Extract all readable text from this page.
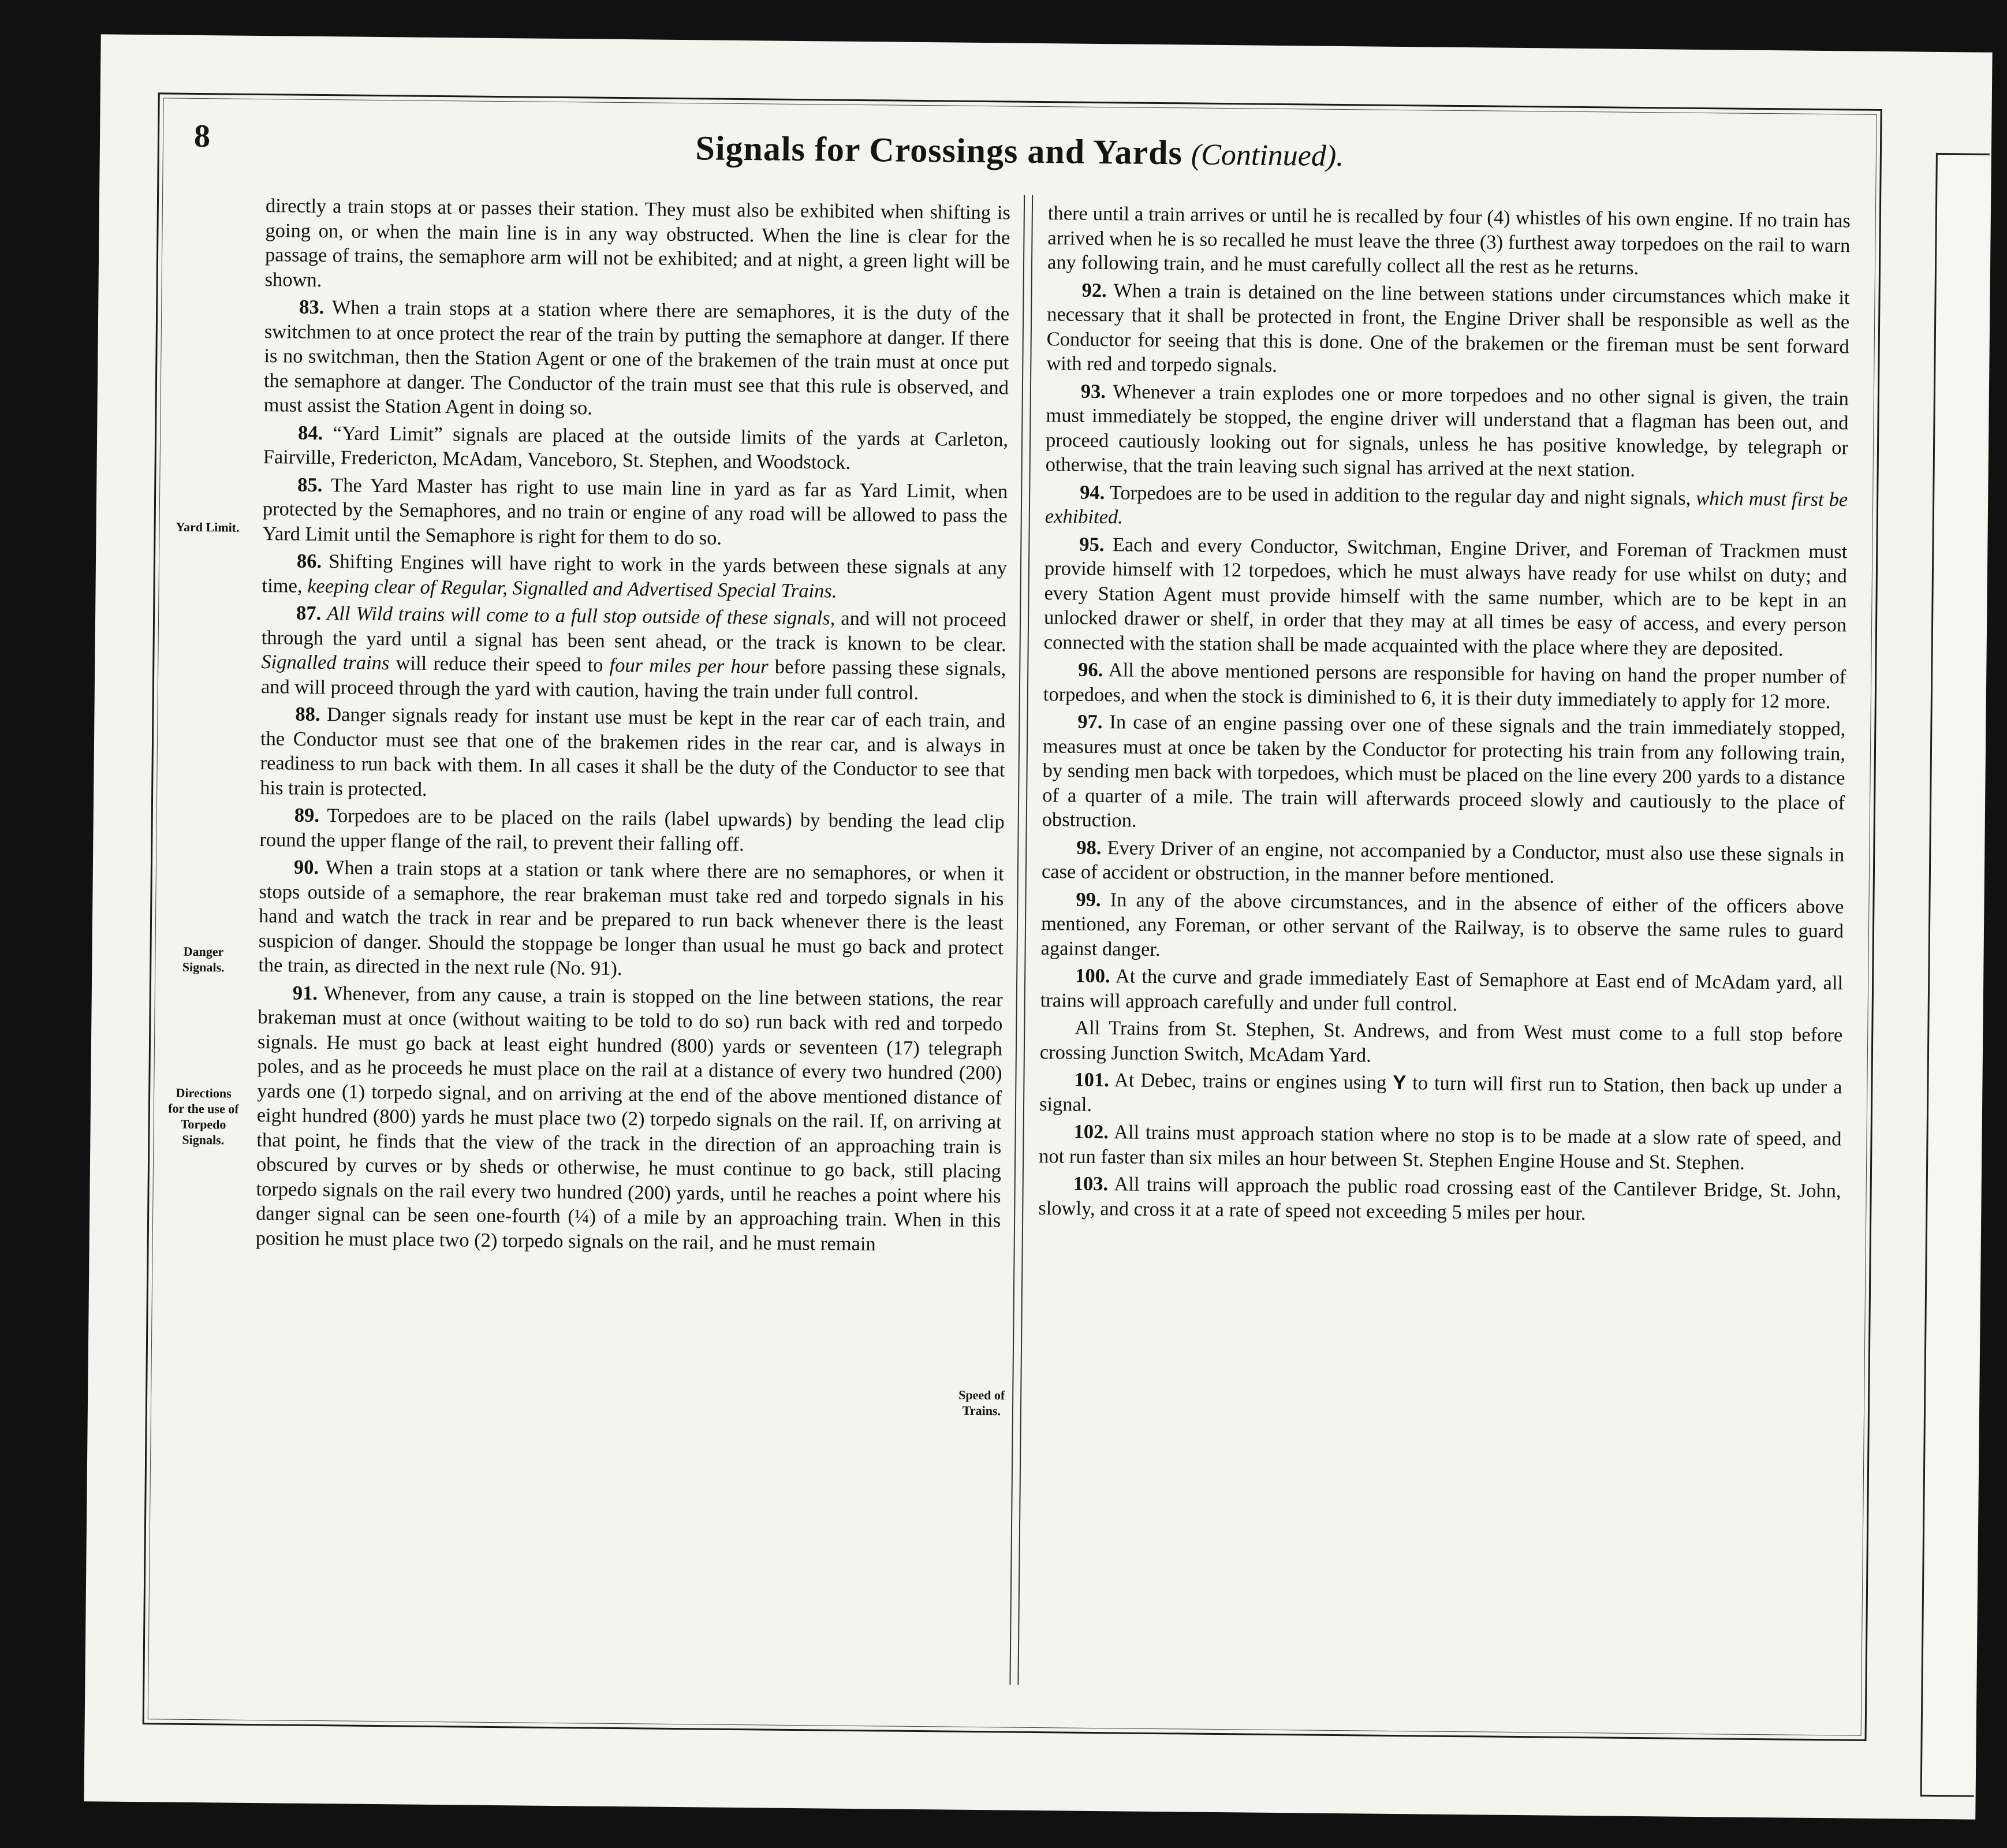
8	Signals for Crossings and Yards (Continued).
Yard Limit.
Danger Signals.
Directions for the use of Torpedo Signals.
Speed of Trains.

directly a train stops at or passes their station. They must also be exhibited when shifting is going on, or when the main line is in any way obstructed. When the line is clear for the passage of trains, the semaphore arm will not be exhibited; and at night, a green light will be shown.

83. When a train stops at a station where there are semaphores, it is the duty of the switchmen to at once protect the rear of the train by putting the semaphore at danger. If there is no switchman, then the Station Agent or one of the brakemen of the train must at once put the semaphore at danger. The Conductor of the train must see that this rule is observed, and must assist the Station Agent in doing so.

84. “Yard Limit” signals are placed at the outside limits of the yards at Carleton, Fairville, Fredericton, McAdam, Vanceboro, St. Stephen, and Woodstock.

85. The Yard Master has right to use main line in yard as far as Yard Limit, when protected by the Semaphores, and no train or engine of any road will be allowed to pass the Yard Limit until the Semaphore is right for them to do so.

86. Shifting Engines will have right to work in the yards between these signals at any time, keeping clear of Regular, Signalled and Advertised Special Trains.

87. All Wild trains will come to a full stop outside of these signals, and will not proceed through the yard until a signal has been sent ahead, or the track is known to be clear. Signalled trains will reduce their speed to four miles per hour before passing these signals, and will proceed through the yard with caution, having the train under full control.

88. Danger signals ready for instant use must be kept in the rear car of each train, and the Conductor must see that one of the brakemen rides in the rear car, and is always in readiness to run back with them. In all cases it shall be the duty of the Conductor to see that his train is protected.

89. Torpedoes are to be placed on the rails (label upwards) by bending the lead clip round the upper flange of the rail, to prevent their falling off.

90. When a train stops at a station or tank where there are no semaphores, or when it stops outside of a semaphore, the rear brakeman must take red and torpedo signals in his hand and watch the track in rear and be prepared to run back whenever there is the least suspicion of danger. Should the stoppage be longer than usual he must go back and protect the train, as directed in the next rule (No. 91).

91. Whenever, from any cause, a train is stopped on the line between stations, the rear brakeman must at once (without waiting to be told to do so) run back with red and torpedo signals. He must go back at least eight hundred (800) yards or seventeen (17) telegraph poles, and as he proceeds he must place on the rail at a distance of every two hundred (200) yards one (1) torpedo signal, and on arriving at the end of the above mentioned distance of eight hundred (800) yards he must place two (2) torpedo signals on the rail. If, on arriving at that point, he finds that the view of the track in the direction of an approaching train is obscured by curves or by sheds or otherwise, he must continue to go back, still placing torpedo signals on the rail every two hundred (200) yards, until he reaches a point where his danger signal can be seen one-fourth (¼) of a mile by an approaching train. When in this position he must place two (2) torpedo signals on the rail, and he must remain

there until a train arrives or until he is recalled by four (4) whistles of his own engine. If no train has arrived when he is so recalled he must leave the three (3) furthest away torpedoes on the rail to warn any following train, and he must carefully collect all the rest as he returns.

92. When a train is detained on the line between stations under circumstances which make it necessary that it shall be protected in front, the Engine Driver shall be responsible as well as the Conductor for seeing that this is done. One of the brakemen or the fireman must be sent forward with red and torpedo signals.

93. Whenever a train explodes one or more torpedoes and no other signal is given, the train must immediately be stopped, the engine driver will understand that a flagman has been out, and proceed cautiously looking out for signals, unless he has positive knowledge, by telegraph or otherwise, that the train leaving such signal has arrived at the next station.

94. Torpedoes are to be used in addition to the regular day and night signals, which must first be exhibited.

95. Each and every Conductor, Switchman, Engine Driver, and Foreman of Trackmen must provide himself with 12 torpedoes, which he must always have ready for use whilst on duty; and every Station Agent must provide himself with the same number, which are to be kept in an unlocked drawer or shelf, in order that they may at all times be easy of access, and every person connected with the station shall be made acquainted with the place where they are deposited.

96. All the above mentioned persons are responsible for having on hand the proper number of torpedoes, and when the stock is diminished to 6, it is their duty immediately to apply for 12 more.

97. In case of an engine passing over one of these signals and the train immediately stopped, measures must at once be taken by the Conductor for protecting his train from any following train, by sending men back with torpedoes, which must be placed on the line every 200 yards to a distance of a quarter of a mile. The train will afterwards proceed slowly and cautiously to the place of obstruction.

98. Every Driver of an engine, not accompanied by a Conductor, must also use these signals in case of accident or obstruction, in the manner before mentioned.

99. In any of the above circumstances, and in the absence of either of the officers above mentioned, any Foreman, or other servant of the Railway, is to observe the same rules to guard against danger.

100. At the curve and grade immediately East of Semaphore at East end of McAdam yard, all trains will approach carefully and under full control.

All Trains from St. Stephen, St. Andrews, and from West must come to a full stop before crossing Junction Switch, McAdam Yard.

101. At Debec, trains or engines using Y to turn will first run to Station, then back up under a signal.

102. All trains must approach station where no stop is to be made at a slow rate of speed, and not run faster than six miles an hour between St. Stephen Engine House and St. Stephen.

103. All trains will approach the public road crossing east of the Cantilever Bridge, St. John, slowly, and cross it at a rate of speed not exceeding 5 miles per hour.
